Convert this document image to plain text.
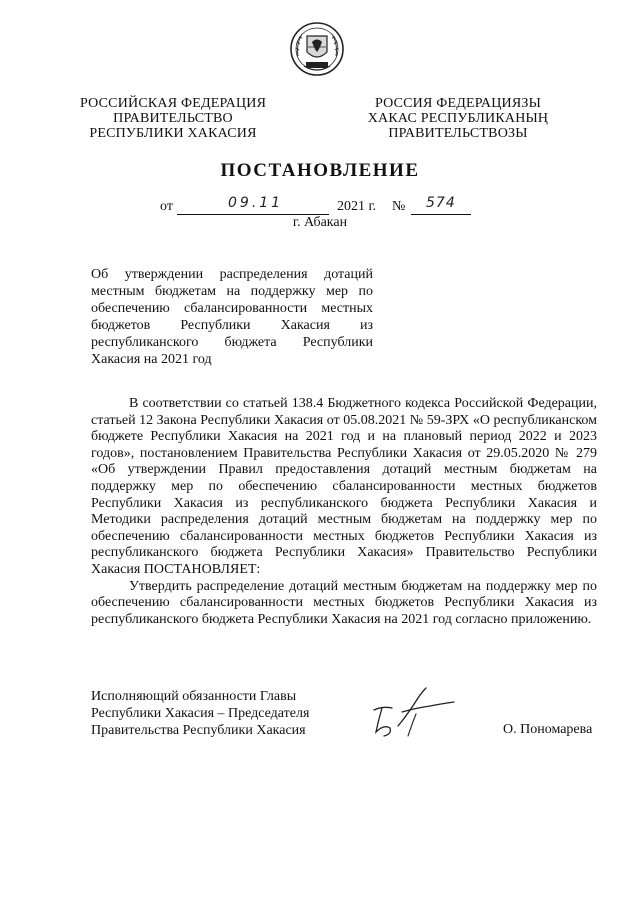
РОССИЙСКАЯ ФЕДЕРАЦИЯ
ПРАВИТЕЛЬСТВО
РЕСПУБЛИКИ ХАКАСИЯ
РОССИЯ ФЕДЕРАЦИЯЗЫ
ХАКАС РЕСПУБЛИКАНЫҢ
ПРАВИТЕЛЬСТВОЗЫ
ПОСТАНОВЛЕНИЕ
от	09.11	2021 г. № 574
г. Абакан
Об утверждении распределения дотаций местным бюджетам на поддержку мер по обеспечению сбалансированности местных бюджетов Республики Хакасия из республиканского бюджета Республики Хакасия на 2021 год

В соответствии со статьей 138.4 Бюджетного кодекса Российской Федерации, статьей 12 Закона Республики Хакасия от 05.08.2021 № 59-ЗРХ «О республиканском бюджете Республики Хакасия на 2021 год и на плановый период 2022 и 2023 годов», постановлением Правительства Республики Хакасия от 29.05.2020 № 279 «Об утверждении Правил предоставления дотаций местным бюджетам на поддержку мер по обеспечению сбалансированности местных бюджетов Республики Хакасия из республиканского бюджета Республики Хакасия и Методики распределения дотаций местным бюджетам на поддержку мер по обеспечению сбалансированности местных бюджетов Республики Хакасия из республиканского бюджета Республики Хакасия» Правительство Республики Хакасия ПОСТАНОВЛЯЕТ:

Утвердить распределение дотаций местным бюджетам на поддержку мер по обеспечению сбалансированности местных бюджетов Республики Хакасия из республиканского бюджета Республики Хакасия на 2021 год согласно приложению.

Исполняющий обязанности Главы
Республики Хакасия – Председателя
Правительства Республики Хакасия	О. Пономарева
